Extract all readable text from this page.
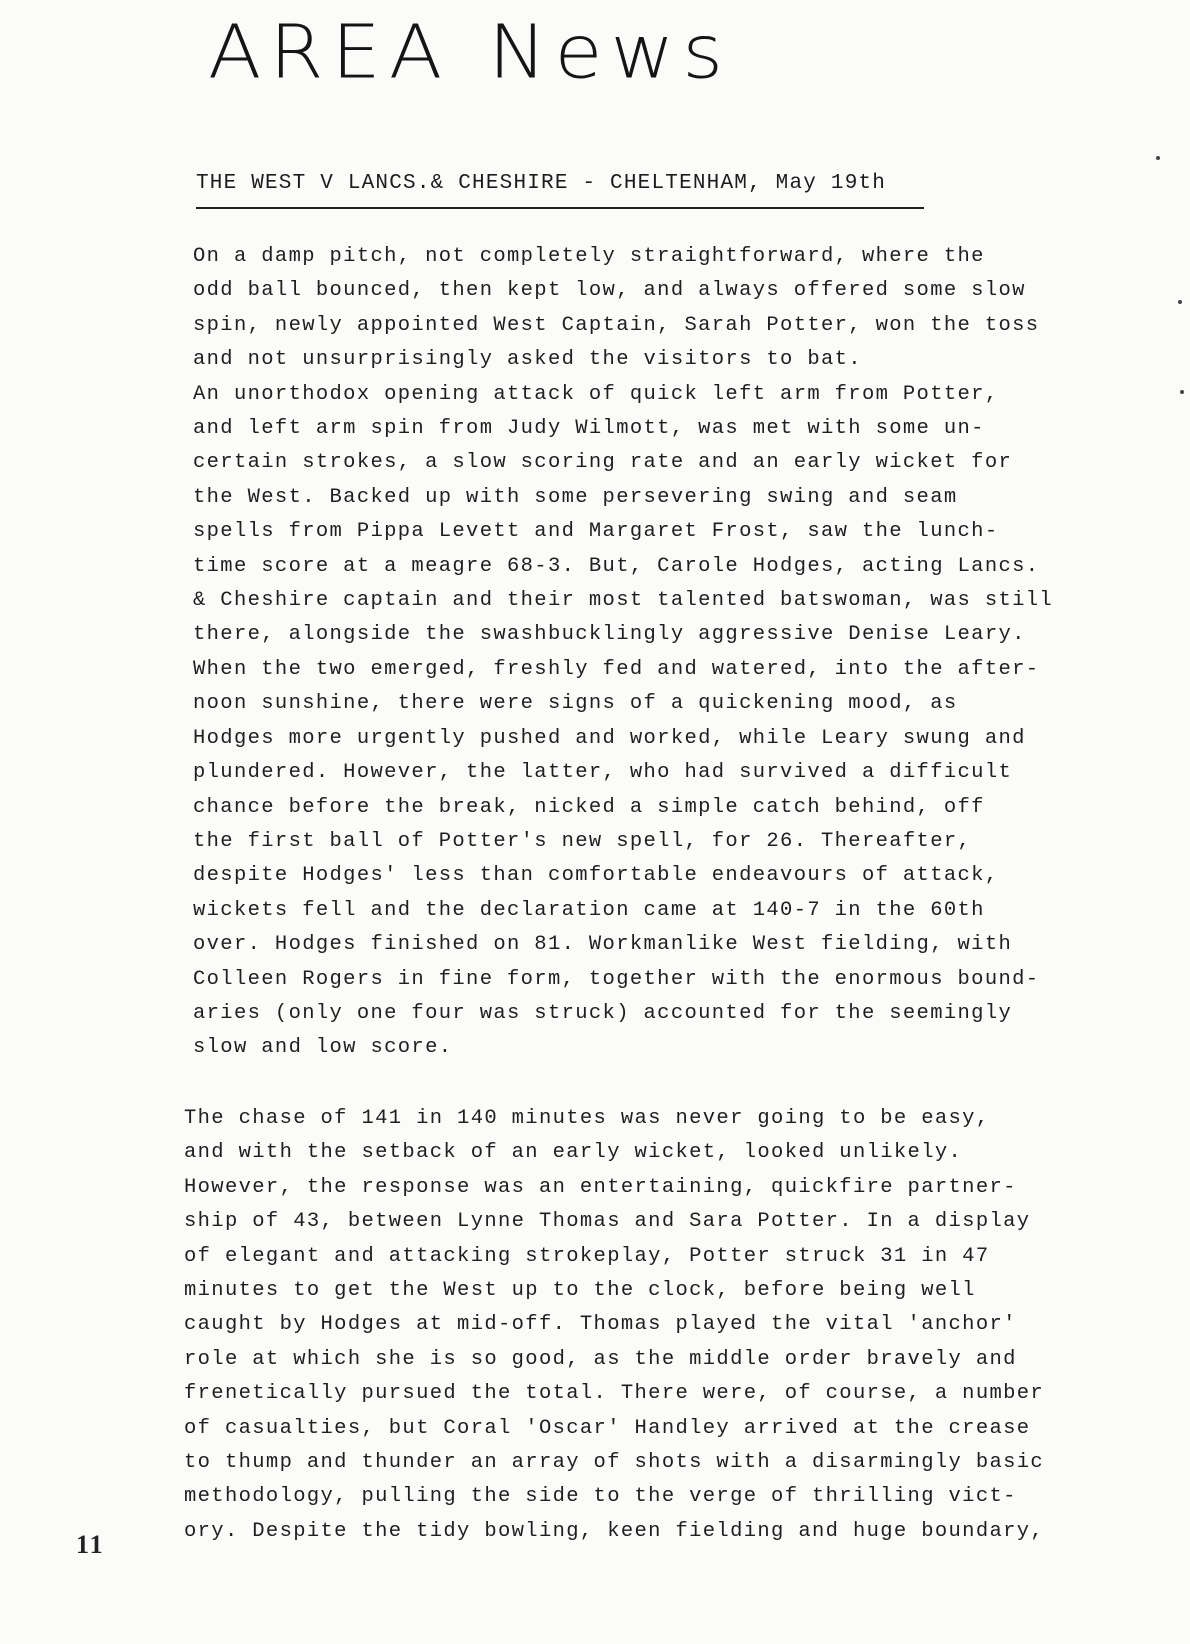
AREA News
THE WEST V LANCS.& CHESHIRE - CHELTENHAM, May 19th
On a damp pitch, not completely straightforward, where the
odd ball bounced, then kept low, and always offered some slow
spin, newly appointed West Captain, Sarah Potter, won the toss
and not unsurprisingly asked the visitors to bat.
An unorthodox opening attack of quick left arm from Potter,
and left arm spin from Judy Wilmott, was met with some un-
certain strokes, a slow scoring rate and an early wicket for
the West. Backed up with some persevering swing and seam
spells from Pippa Levett and Margaret Frost, saw the lunch-
time score at a meagre 68-3. But, Carole Hodges, acting Lancs.
& Cheshire captain and their most talented batswoman, was still
there, alongside the swashbucklingly aggressive Denise Leary.
When the two emerged, freshly fed and watered, into the after-
noon sunshine, there were signs of a quickening mood, as
Hodges more urgently pushed and worked, while Leary swung and
plundered. However, the latter, who had survived a difficult
chance before the break, nicked a simple catch behind, off
the first ball of Potter's new spell, for 26. Thereafter,
despite Hodges' less than comfortable endeavours of attack,
wickets fell and the declaration came at 140-7 in the 60th
over. Hodges finished on 81. Workmanlike West fielding, with
Colleen Rogers in fine form, together with the enormous bound-
aries (only one four was struck) accounted for the seemingly
slow and low score.
The chase of 141 in 140 minutes was never going to be easy,
and with the setback of an early wicket, looked unlikely.
However, the response was an entertaining, quickfire partner-
ship of 43, between Lynne Thomas and Sara Potter. In a display
of elegant and attacking strokeplay, Potter struck 31 in 47
minutes to get the West up to the clock, before being well
caught by Hodges at mid-off. Thomas played the vital 'anchor'
role at which she is so good, as the middle order bravely and
frenetically pursued the total. There were, of course, a number
of casualties, but Coral 'Oscar' Handley arrived at the crease
to thump and thunder an array of shots with a disarmingly basic
methodology, pulling the side to the verge of thrilling vict-
ory. Despite the tidy bowling, keen fielding and huge boundary,
11
